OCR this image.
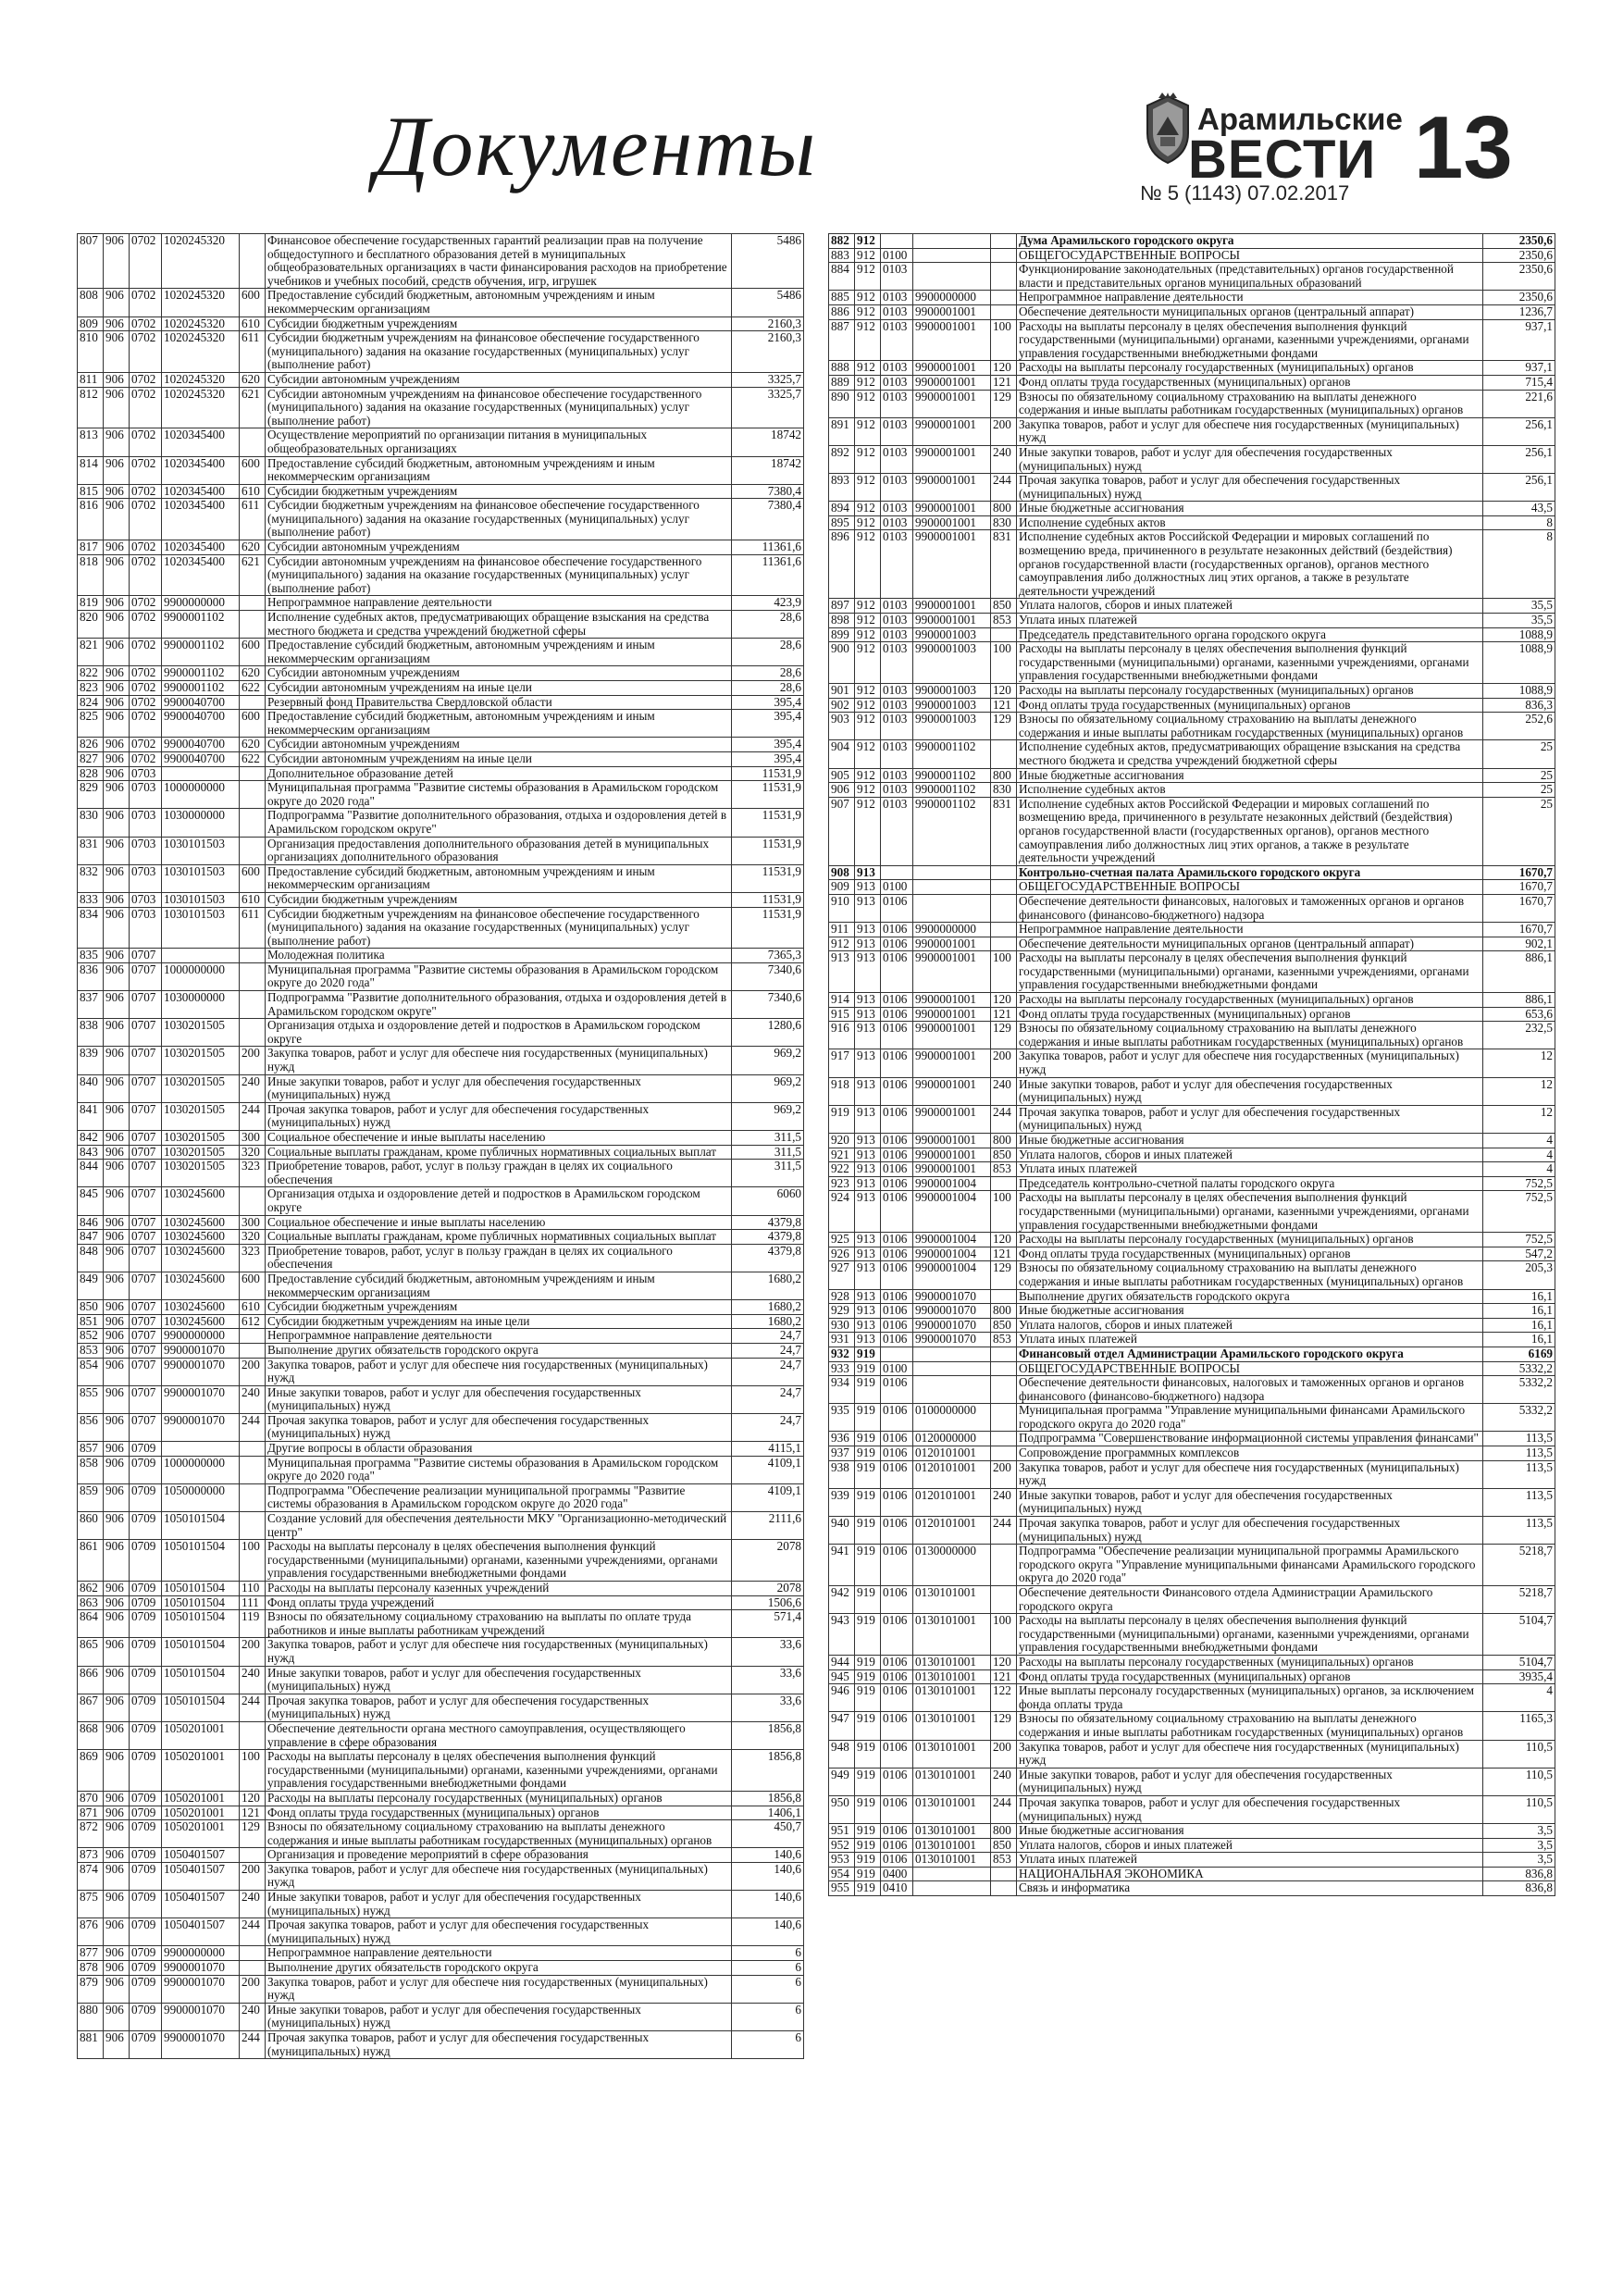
Документы	Арамильские
ВЕСТИ
№ 5 (1143) 07.02.2017 13
807	906	0702	1020245320		Финансовое обеспечение государственных гарантий реализации прав на получение общедоступного и бесплатного образования детей в муниципальных общеобразовательных организациях в части финансирования расходов на приобретение учебников и учебных пособий, средств обучения, игр, игрушек	5486
808	906	0702	1020245320	600	Предоставление субсидий бюджетным, автономным учреждениям и иным некоммерческим организациям	5486
809	906	0702	1020245320	610	Субсидии бюджетным учреждениям	2160,3
810	906	0702	1020245320	611	Субсидии бюджетным учреждениям на финансовое обеспечение государственного (муниципального) задания на оказание государственных (муниципальных) услуг (выполнение работ)	2160,3
811	906	0702	1020245320	620	Субсидии автономным учреждениям	3325,7
812	906	0702	1020245320	621	Субсидии автономным учреждениям на финансовое обеспечение государственного (муниципального) задания на оказание государственных (муниципальных) услуг (выполнение работ)	3325,7
813	906	0702	1020345400		Осуществление мероприятий по организации питания в муниципальных общеобразовательных организациях	18742
814	906	0702	1020345400	600	Предоставление субсидий бюджетным, автономным учреждениям и иным некоммерческим организациям	18742
815	906	0702	1020345400	610	Субсидии бюджетным учреждениям	7380,4
816	906	0702	1020345400	611	Субсидии бюджетным учреждениям на финансовое обеспечение государственного (муниципального) задания на оказание государственных (муниципальных) услуг (выполнение работ)	7380,4
817	906	0702	1020345400	620	Субсидии автономным учреждениям	11361,6
818	906	0702	1020345400	621	Субсидии автономным учреждениям на финансовое обеспечение государственного (муниципального) задания на оказание государственных (муниципальных) услуг (выполнение работ)	11361,6
819	906	0702	9900000000		Непрограммное направление деятельности	423,9
820	906	0702	9900001102		Исполнение судебных актов, предусматривающих обращение взыскания на средства местного бюджета и средства учреждений бюджетной сферы	28,6
821	906	0702	9900001102	600	Предоставление субсидий бюджетным, автономным учреждениям и иным некоммерческим организациям	28,6
822	906	0702	9900001102	620	Субсидии автономным учреждениям	28,6
823	906	0702	9900001102	622	Субсидии автономным учреждениям на иные цели	28,6
824	906	0702	9900040700		Резервный фонд Правительства Свердловской области	395,4
825	906	0702	9900040700	600	Предоставление субсидий бюджетным, автономным учреждениям и иным некоммерческим организациям	395,4
826	906	0702	9900040700	620	Субсидии автономным учреждениям	395,4
827	906	0702	9900040700	622	Субсидии автономным учреждениям на иные цели	395,4
828	906	0703			Дополнительное образование детей	11531,9
829	906	0703	1000000000		Муниципальная программа "Развитие системы образования в Арамильском городском округе до 2020 года"	11531,9
830	906	0703	1030000000		Подпрограмма "Развитие дополнительного образования, отдыха и оздоровления детей в Арамильском городском округе"	11531,9
831	906	0703	1030101503		Организация предоставления дополнительного образования детей в муниципальных организациях дополнительного образования	11531,9
832	906	0703	1030101503	600	Предоставление субсидий бюджетным, автономным учреждениям и иным некоммерческим организациям	11531,9
833	906	0703	1030101503	610	Субсидии бюджетным учреждениям	11531,9
834	906	0703	1030101503	611	Субсидии бюджетным учреждениям на финансовое обеспечение государственного (муниципального) задания на оказание государственных (муниципальных) услуг (выполнение работ)	11531,9
835	906	0707			Молодежная политика	7365,3
836	906	0707	1000000000		Муниципальная программа "Развитие системы образования в Арамильском городском округе до 2020 года"	7340,6
837	906	0707	1030000000		Подпрограмма "Развитие дополнительного образования, отдыха и оздоровления детей в Арамильском городском округе"	7340,6
838	906	0707	1030201505		Организация отдыха и оздоровление детей и подростков в Арамильском городском округе	1280,6
839	906	0707	1030201505	200	Закупка товаров, работ и услуг для обеспече ния государственных (муниципальных) нужд	969,2
840	906	0707	1030201505	240	Иные закупки товаров, работ и услуг для обеспечения государственных (муниципальных) нужд	969,2
841	906	0707	1030201505	244	Прочая закупка товаров, работ и услуг для обеспечения государственных (муниципальных) нужд	969,2
842	906	0707	1030201505	300	Социальное обеспечение и иные выплаты населению	311,5
843	906	0707	1030201505	320	Социальные выплаты гражданам, кроме публичных нормативных социальных выплат	311,5
844	906	0707	1030201505	323	Приобретение товаров, работ, услуг в пользу граждан в целях их социального обеспечения	311,5
845	906	0707	1030245600		Организация отдыха и оздоровление детей и подростков в Арамильском городском округе	6060
846	906	0707	1030245600	300	Социальное обеспечение и иные выплаты населению	4379,8
847	906	0707	1030245600	320	Социальные выплаты гражданам, кроме публичных нормативных социальных выплат	4379,8
848	906	0707	1030245600	323	Приобретение товаров, работ, услуг в пользу граждан в целях их социального обеспечения	4379,8
849	906	0707	1030245600	600	Предоставление субсидий бюджетным, автономным учреждениям и иным некоммерческим организациям	1680,2
850	906	0707	1030245600	610	Субсидии бюджетным учреждениям	1680,2
851	906	0707	1030245600	612	Субсидии бюджетным учреждениям на иные цели	1680,2
852	906	0707	9900000000		Непрограммное направление деятельности	24,7
853	906	0707	9900001070		Выполнение других обязательств городского округа	24,7
854	906	0707	9900001070	200	Закупка товаров, работ и услуг для обеспече ния государственных (муниципальных) нужд	24,7
855	906	0707	9900001070	240	Иные закупки товаров, работ и услуг для обеспечения государственных (муниципальных) нужд	24,7
856	906	0707	9900001070	244	Прочая закупка товаров, работ и услуг для обеспечения государственных (муниципальных) нужд	24,7
857	906	0709			Другие вопросы в области образования	4115,1
858	906	0709	1000000000		Муниципальная программа "Развитие системы образования в Арамильском городском округе до 2020 года"	4109,1
859	906	0709	1050000000		Подпрограмма "Обеспечение реализации муниципальной программы "Развитие системы образования в Арамильском городском округе до 2020 года"	4109,1
860	906	0709	1050101504		Создание условий для обеспечения деятельности МКУ "Организационно-методический центр"	2111,6
861	906	0709	1050101504	100	Расходы на выплаты персоналу в целях обеспечения выполнения функций государственными (муниципальными) органами, казенными учреждениями, органами управления государственными внебюджетными фондами	2078
862	906	0709	1050101504	110	Расходы на выплаты персоналу казенных учреждений	2078
863	906	0709	1050101504	111	Фонд оплаты труда учреждений	1506,6
864	906	0709	1050101504	119	Взносы по обязательному социальному страхованию на выплаты по оплате труда работников и иные выплаты работникам учреждений	571,4
865	906	0709	1050101504	200	Закупка товаров, работ и услуг для обеспече ния государственных (муниципальных) нужд	33,6
866	906	0709	1050101504	240	Иные закупки товаров, работ и услуг для обеспечения государственных (муниципальных) нужд	33,6
867	906	0709	1050101504	244	Прочая закупка товаров, работ и услуг для обеспечения государственных (муниципальных) нужд	33,6
868	906	0709	1050201001		Обеспечение деятельности органа местного самоуправления, осуществляющего управление в сфере образования	1856,8
869	906	0709	1050201001	100	Расходы на выплаты персоналу в целях обеспечения выполнения функций государственными (муниципальными) органами, казенными учреждениями, органами управления государственными внебюджетными фондами	1856,8
870	906	0709	1050201001	120	Расходы на выплаты персоналу государственных (муниципальных) органов	1856,8
871	906	0709	1050201001	121	Фонд оплаты труда государственных (муниципальных) органов	1406,1
872	906	0709	1050201001	129	Взносы по обязательному социальному страхованию на выплаты денежного содержания и иные выплаты работникам государственных (муниципальных) органов	450,7
873	906	0709	1050401507		Организация и проведение мероприятий в сфере образования	140,6
874	906	0709	1050401507	200	Закупка товаров, работ и услуг для обеспече ния государственных (муниципальных) нужд	140,6
875	906	0709	1050401507	240	Иные закупки товаров, работ и услуг для обеспечения государственных (муниципальных) нужд	140,6
876	906	0709	1050401507	244	Прочая закупка товаров, работ и услуг для обеспечения государственных (муниципальных) нужд	140,6
877	906	0709	9900000000		Непрограммное направление деятельности	6
878	906	0709	9900001070		Выполнение других обязательств городского округа	6
879	906	0709	9900001070	200	Закупка товаров, работ и услуг для обеспече ния государственных (муниципальных) нужд	6
880	906	0709	9900001070	240	Иные закупки товаров, работ и услуг для обеспечения государственных (муниципальных) нужд	6
881	906	0709	9900001070	244	Прочая закупка товаров, работ и услуг для обеспечения государственных (муниципальных) нужд	6
882	912				Дума Арамильского городского округа	2350,6
883	912	0100			ОБЩЕГОСУДАРСТВЕННЫЕ ВОПРОСЫ	2350,6
884	912	0103			Функционирование законодательных (представительных) органов государственной власти и представительных органов муниципальных образований	2350,6
885	912	0103	9900000000		Непрограммное направление деятельности	2350,6
886	912	0103	9900001001		Обеспечение деятельности муниципальных органов (центральный аппарат)	1236,7
887	912	0103	9900001001	100	Расходы на выплаты персоналу в целях обеспечения выполнения функций государственными (муниципальными) органами, казенными учреждениями, органами управления государственными внебюджетными фондами	937,1
888	912	0103	9900001001	120	Расходы на выплаты персоналу государственных (муниципальных) органов	937,1
889	912	0103	9900001001	121	Фонд оплаты труда государственных (муниципальных) органов	715,4
890	912	0103	9900001001	129	Взносы по обязательному социальному страхованию на выплаты денежного содержания и иные выплаты работникам государственных (муниципальных) органов	221,6
891	912	0103	9900001001	200	Закупка товаров, работ и услуг для обеспече ния государственных (муниципальных) нужд	256,1
892	912	0103	9900001001	240	Иные закупки товаров, работ и услуг для обеспечения государственных (муниципальных) нужд	256,1
893	912	0103	9900001001	244	Прочая закупка товаров, работ и услуг для обеспечения государственных (муниципальных) нужд	256,1
894	912	0103	9900001001	800	Иные бюджетные ассигнования	43,5
895	912	0103	9900001001	830	Исполнение судебных актов	8
896	912	0103	9900001001	831	Исполнение судебных актов Российской Федерации и мировых соглашений по возмещению вреда, причиненного в результате незаконных действий (бездействия) органов государственной власти (государственных органов), органов местного самоуправления либо должностных лиц этих органов, а также в результате деятельности учреждений	8
897	912	0103	9900001001	850	Уплата налогов, сборов и иных платежей	35,5
898	912	0103	9900001001	853	Уплата иных платежей	35,5
899	912	0103	9900001003		Председатель представительного органа городского округа	1088,9
900	912	0103	9900001003	100	Расходы на выплаты персоналу в целях обеспечения выполнения функций государственными (муниципальными) органами, казенными учреждениями, органами управления государственными внебюджетными фондами	1088,9
901	912	0103	9900001003	120	Расходы на выплаты персоналу государственных (муниципальных) органов	1088,9
902	912	0103	9900001003	121	Фонд оплаты труда государственных (муниципальных) органов	836,3
903	912	0103	9900001003	129	Взносы по обязательному социальному страхованию на выплаты денежного содержания и иные выплаты работникам государственных (муниципальных) органов	252,6
904	912	0103	9900001102		Исполнение судебных актов, предусматривающих обращение взыскания на средства местного бюджета и средства учреждений бюджетной сферы	25
905	912	0103	9900001102	800	Иные бюджетные ассигнования	25
906	912	0103	9900001102	830	Исполнение судебных актов	25
907	912	0103	9900001102	831	Исполнение судебных актов Российской Федерации и мировых соглашений по возмещению вреда, причиненного в результате незаконных действий (бездействия) органов государственной власти (государственных органов), органов местного самоуправления либо должностных лиц этих органов, а также в результате деятельности учреждений	25
908	913				Контрольно-счетная палата Арамильского городского округа	1670,7
909	913	0100			ОБЩЕГОСУДАРСТВЕННЫЕ ВОПРОСЫ	1670,7
910	913	0106			Обеспечение деятельности финансовых, налоговых и таможенных органов и органов финансового (финансово-бюджетного) надзора	1670,7
911	913	0106	9900000000		Непрограммное направление деятельности	1670,7
912	913	0106	9900001001		Обеспечение деятельности муниципальных органов (центральный аппарат)	902,1
913	913	0106	9900001001	100	Расходы на выплаты персоналу в целях обеспечения выполнения функций государственными (муниципальными) органами, казенными учреждениями, органами управления государственными внебюджетными фондами	886,1
914	913	0106	9900001001	120	Расходы на выплаты персоналу государственных (муниципальных) органов	886,1
915	913	0106	9900001001	121	Фонд оплаты труда государственных (муниципальных) органов	653,6
916	913	0106	9900001001	129	Взносы по обязательному социальному страхованию на выплаты денежного содержания и иные выплаты работникам государственных (муниципальных) органов	232,5
917	913	0106	9900001001	200	Закупка товаров, работ и услуг для обеспече ния государственных (муниципальных) нужд	12
918	913	0106	9900001001	240	Иные закупки товаров, работ и услуг для обеспечения государственных (муниципальных) нужд	12
919	913	0106	9900001001	244	Прочая закупка товаров, работ и услуг для обеспечения государственных (муниципальных) нужд	12
920	913	0106	9900001001	800	Иные бюджетные ассигнования	4
921	913	0106	9900001001	850	Уплата налогов, сборов и иных платежей	4
922	913	0106	9900001001	853	Уплата иных платежей	4
923	913	0106	9900001004		Председатель контрольно-счетной палаты городского округа	752,5
924	913	0106	9900001004	100	Расходы на выплаты персоналу в целях обеспечения выполнения функций государственными (муниципальными) органами, казенными учреждениями, органами управления государственными внебюджетными фондами	752,5
925	913	0106	9900001004	120	Расходы на выплаты персоналу государственных (муниципальных) органов	752,5
926	913	0106	9900001004	121	Фонд оплаты труда государственных (муниципальных) органов	547,2
927	913	0106	9900001004	129	Взносы по обязательному социальному страхованию на выплаты денежного содержания и иные выплаты работникам государственных (муниципальных) органов	205,3
928	913	0106	9900001070		Выполнение других обязательств городского округа	16,1
929	913	0106	9900001070	800	Иные бюджетные ассигнования	16,1
930	913	0106	9900001070	850	Уплата налогов, сборов и иных платежей	16,1
931	913	0106	9900001070	853	Уплата иных платежей	16,1
932	919				Финансовый отдел Администрации Арамильского городского округа	6169
933	919	0100			ОБЩЕГОСУДАРСТВЕННЫЕ ВОПРОСЫ	5332,2
934	919	0106			Обеспечение деятельности финансовых, налоговых и таможенных органов и органов финансового (финансово-бюджетного) надзора	5332,2
935	919	0106	0100000000		Муниципальная программа "Управление муниципальными финансами Арамильского городского округа до 2020 года"	5332,2
936	919	0106	0120000000		Подпрограмма "Совершенствование информационной системы управления финансами"	113,5
937	919	0106	0120101001		Сопровождение программных комплексов	113,5
938	919	0106	0120101001	200	Закупка товаров, работ и услуг для обеспече ния государственных (муниципальных) нужд	113,5
939	919	0106	0120101001	240	Иные закупки товаров, работ и услуг для обеспечения государственных (муниципальных) нужд	113,5
940	919	0106	0120101001	244	Прочая закупка товаров, работ и услуг для обеспечения государственных (муниципальных) нужд	113,5
941	919	0106	0130000000		Подпрограмма "Обеспечение реализации муниципальной программы Арамильского городского округа "Управление муниципальными финансами Арамильского городского округа до 2020 года"	5218,7
942	919	0106	0130101001		Обеспечение деятельности Финансового отдела Администрации Арамильского городского округа	5218,7
943	919	0106	0130101001	100	Расходы на выплаты персоналу в целях обеспечения выполнения функций государственными (муниципальными) органами, казенными учреждениями, органами управления государственными внебюджетными фондами	5104,7
944	919	0106	0130101001	120	Расходы на выплаты персоналу государственных (муниципальных) органов	5104,7
945	919	0106	0130101001	121	Фонд оплаты труда государственных (муниципальных) органов	3935,4
946	919	0106	0130101001	122	Иные выплаты персоналу государственных (муниципальных) органов, за исключением фонда оплаты труда	4
947	919	0106	0130101001	129	Взносы по обязательному социальному страхованию на выплаты денежного содержания и иные выплаты работникам государственных (муниципальных) органов	1165,3
948	919	0106	0130101001	200	Закупка товаров, работ и услуг для обеспече ния государственных (муниципальных) нужд	110,5
949	919	0106	0130101001	240	Иные закупки товаров, работ и услуг для обеспечения государственных (муниципальных) нужд	110,5
950	919	0106	0130101001	244	Прочая закупка товаров, работ и услуг для обеспечения государственных (муниципальных) нужд	110,5
951	919	0106	0130101001	800	Иные бюджетные ассигнования	3,5
952	919	0106	0130101001	850	Уплата налогов, сборов и иных платежей	3,5
953	919	0106	0130101001	853	Уплата иных платежей	3,5
954	919	0400			НАЦИОНАЛЬНАЯ ЭКОНОМИКА	836,8
955	919	0410			Связь и информатика	836,8
